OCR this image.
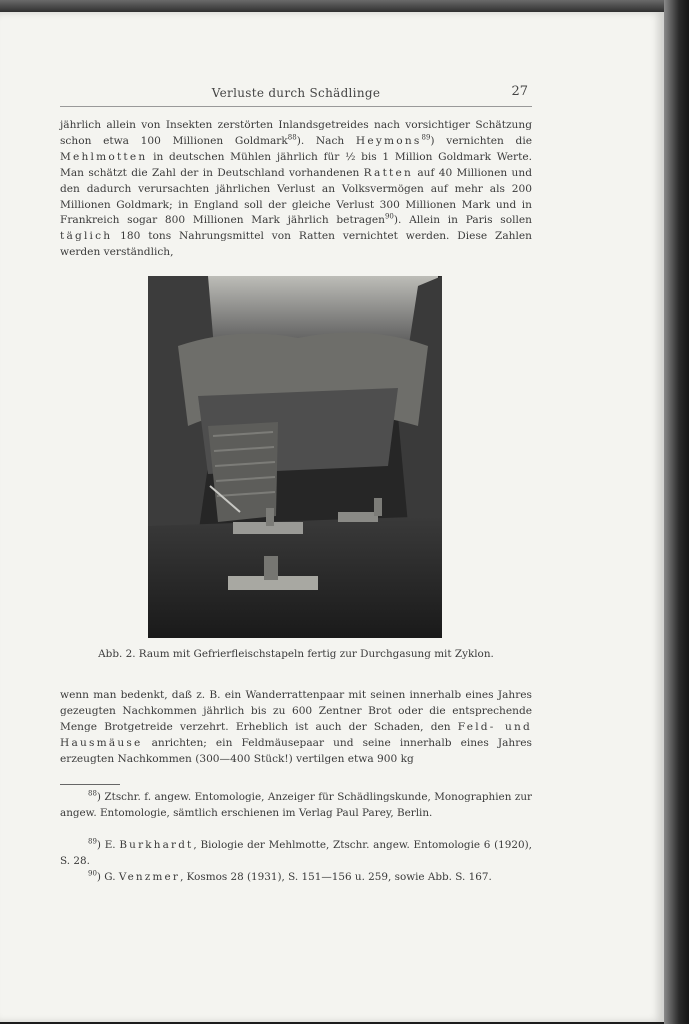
Verluste durch Schädlinge	27
jährlich allein von Insekten zerstörten Inlandsgetreides nach vorsichtiger Schätzung schon etwa 100 Millionen Goldmark$^{88}$). Nach Heymons$^{89}$) vernichten die Mehlmotten in deutschen Mühlen jährlich für ½ bis 1 Million Goldmark Werte. Man schätzt die Zahl der in Deutschland vorhandenen Ratten auf 40 Millionen und den dadurch verursachten jährlichen Verlust an Volksvermögen auf mehr als 200 Millionen Goldmark; in England soll der gleiche Verlust 300 Millionen Mark und in Frankreich sogar 800 Millionen Mark jährlich betragen$^{90}$). Allein in Paris sollen täglich 180 tons Nahrungsmittel von Ratten vernichtet werden. Diese Zahlen werden verständlich,
Abb. 2. Raum mit Gefrierfleischstapeln fertig zur Durchgasung mit Zyklon.
wenn man bedenkt, daß z. B. ein Wanderrattenpaar mit seinen innerhalb eines Jahres gezeugten Nachkommen jährlich bis zu 600 Zentner Brot oder die entsprechende Menge Brotgetreide verzehrt. Erheblich ist auch der Schaden, den Feld- und Hausmäuse anrichten; ein Feldmäusepaar und seine innerhalb eines Jahres erzeugten Nachkommen (300—400 Stück!) vertilgen etwa 900 kg
$^{88}$) Ztschr. f. angew. Entomologie, Anzeiger für Schädlingskunde, Monographien zur angew. Entomologie, sämtlich erschienen im Verlag Paul Parey, Berlin.
$^{89}$) E. Burkhardt, Biologie der Mehlmotte, Ztschr. angew. Entomologie 6 (1920), S. 28.
$^{90}$) G. Venzmer, Kosmos 28 (1931), S. 151—156 u. 259, sowie Abb. S. 167.
